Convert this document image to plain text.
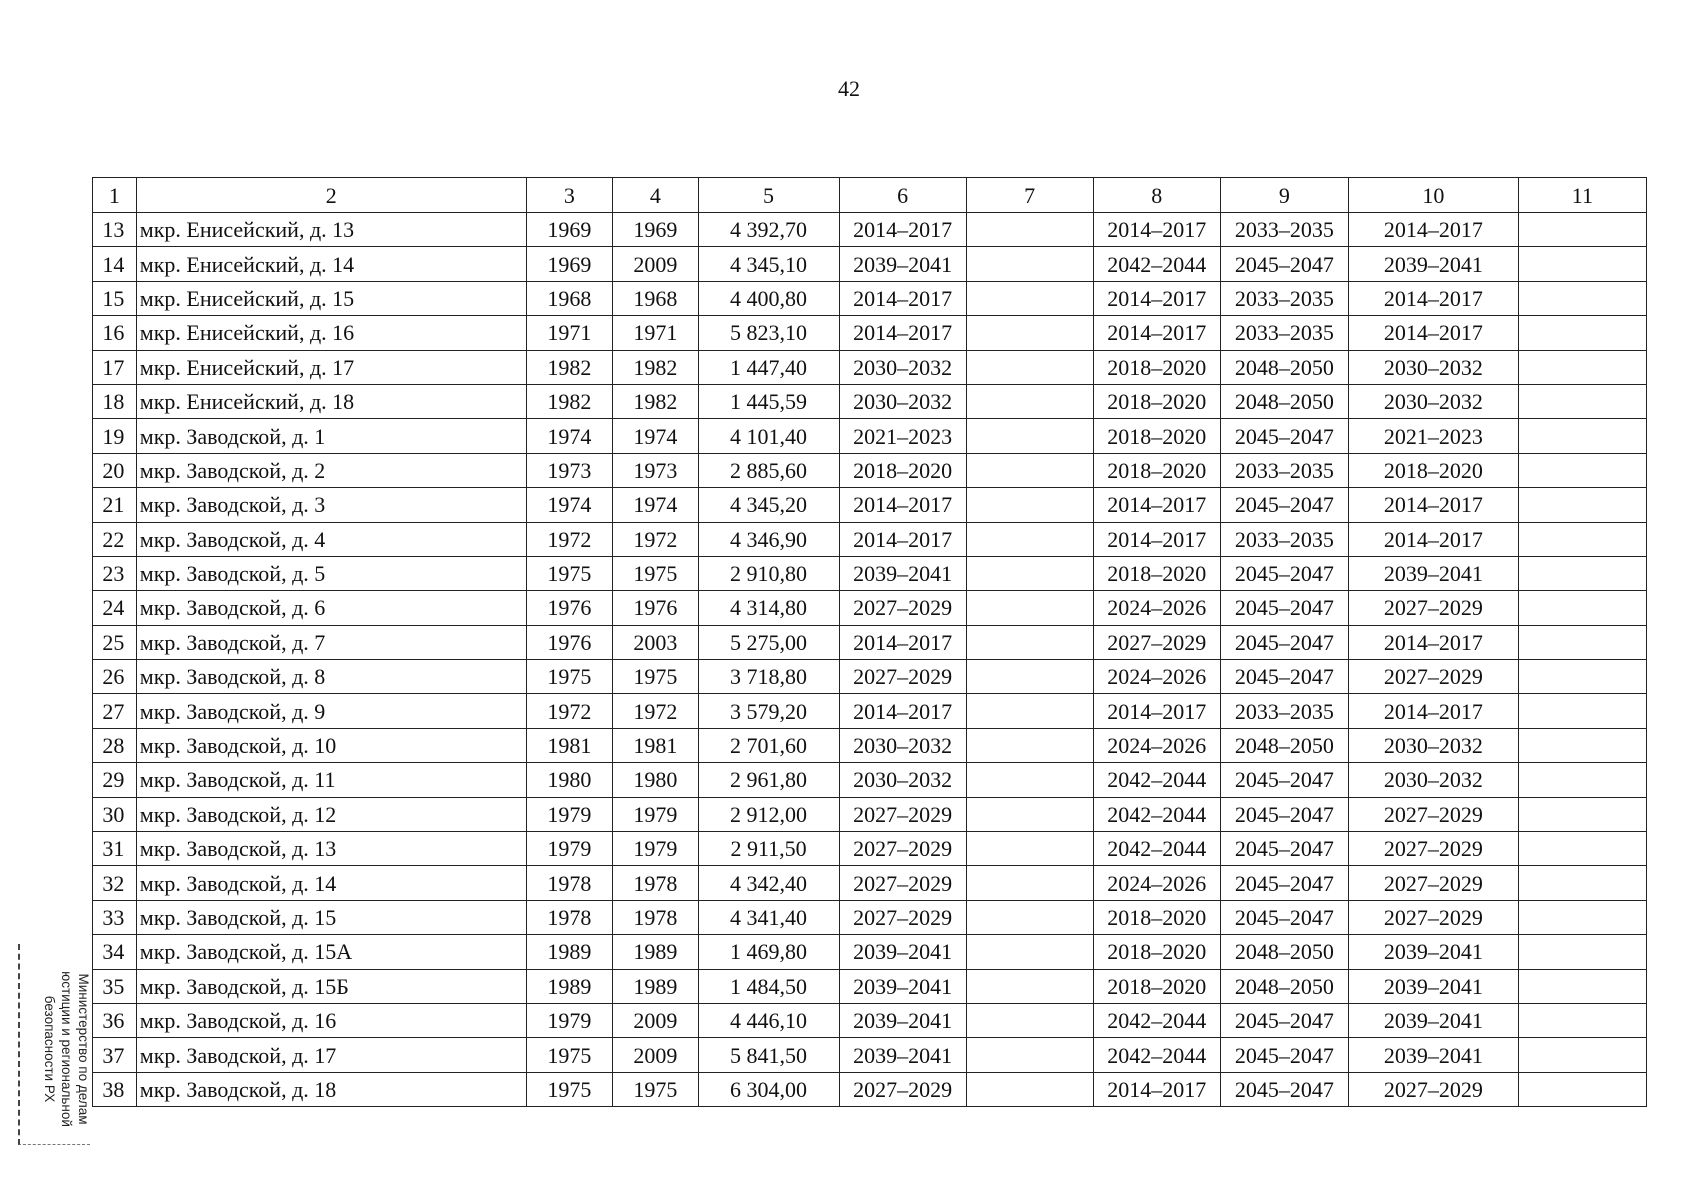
42
1	2	3	4	5	6	7	8	9	10	11
13	мкр. Енисейский, д. 13	1969	1969	4 392,70	2014–2017		2014–2017	2033–2035	2014–2017	
14	мкр. Енисейский, д. 14	1969	2009	4 345,10	2039–2041		2042–2044	2045–2047	2039–2041	
15	мкр. Енисейский, д. 15	1968	1968	4 400,80	2014–2017		2014–2017	2033–2035	2014–2017	
16	мкр. Енисейский, д. 16	1971	1971	5 823,10	2014–2017		2014–2017	2033–2035	2014–2017	
17	мкр. Енисейский, д. 17	1982	1982	1 447,40	2030–2032		2018–2020	2048–2050	2030–2032	
18	мкр. Енисейский, д. 18	1982	1982	1 445,59	2030–2032		2018–2020	2048–2050	2030–2032	
19	мкр. Заводской, д. 1	1974	1974	4 101,40	2021–2023		2018–2020	2045–2047	2021–2023	
20	мкр. Заводской, д. 2	1973	1973	2 885,60	2018–2020		2018–2020	2033–2035	2018–2020	
21	мкр. Заводской, д. 3	1974	1974	4 345,20	2014–2017		2014–2017	2045–2047	2014–2017	
22	мкр. Заводской, д. 4	1972	1972	4 346,90	2014–2017		2014–2017	2033–2035	2014–2017	
23	мкр. Заводской, д. 5	1975	1975	2 910,80	2039–2041		2018–2020	2045–2047	2039–2041	
24	мкр. Заводской, д. 6	1976	1976	4 314,80	2027–2029		2024–2026	2045–2047	2027–2029	
25	мкр. Заводской, д. 7	1976	2003	5 275,00	2014–2017		2027–2029	2045–2047	2014–2017	
26	мкр. Заводской, д. 8	1975	1975	3 718,80	2027–2029		2024–2026	2045–2047	2027–2029	
27	мкр. Заводской, д. 9	1972	1972	3 579,20	2014–2017		2014–2017	2033–2035	2014–2017	
28	мкр. Заводской, д. 10	1981	1981	2 701,60	2030–2032		2024–2026	2048–2050	2030–2032	
29	мкр. Заводской, д. 11	1980	1980	2 961,80	2030–2032		2042–2044	2045–2047	2030–2032	
30	мкр. Заводской, д. 12	1979	1979	2 912,00	2027–2029		2042–2044	2045–2047	2027–2029	
31	мкр. Заводской, д. 13	1979	1979	2 911,50	2027–2029		2042–2044	2045–2047	2027–2029	
32	мкр. Заводской, д. 14	1978	1978	4 342,40	2027–2029		2024–2026	2045–2047	2027–2029	
33	мкр. Заводской, д. 15	1978	1978	4 341,40	2027–2029		2018–2020	2045–2047	2027–2029	
34	мкр. Заводской, д. 15А	1989	1989	1 469,80	2039–2041		2018–2020	2048–2050	2039–2041	
35	мкр. Заводской, д. 15Б	1989	1989	1 484,50	2039–2041		2018–2020	2048–2050	2039–2041	
36	мкр. Заводской, д. 16	1979	2009	4 446,10	2039–2041		2042–2044	2045–2047	2039–2041	
37	мкр. Заводской, д. 17	1975	2009	5 841,50	2039–2041		2042–2044	2045–2047	2039–2041	
38	мкр. Заводской, д. 18	1975	1975	6 304,00	2027–2029		2014–2017	2045–2047	2027–2029	
Министерство по делам
юстиции и региональной
безопасности РХ
